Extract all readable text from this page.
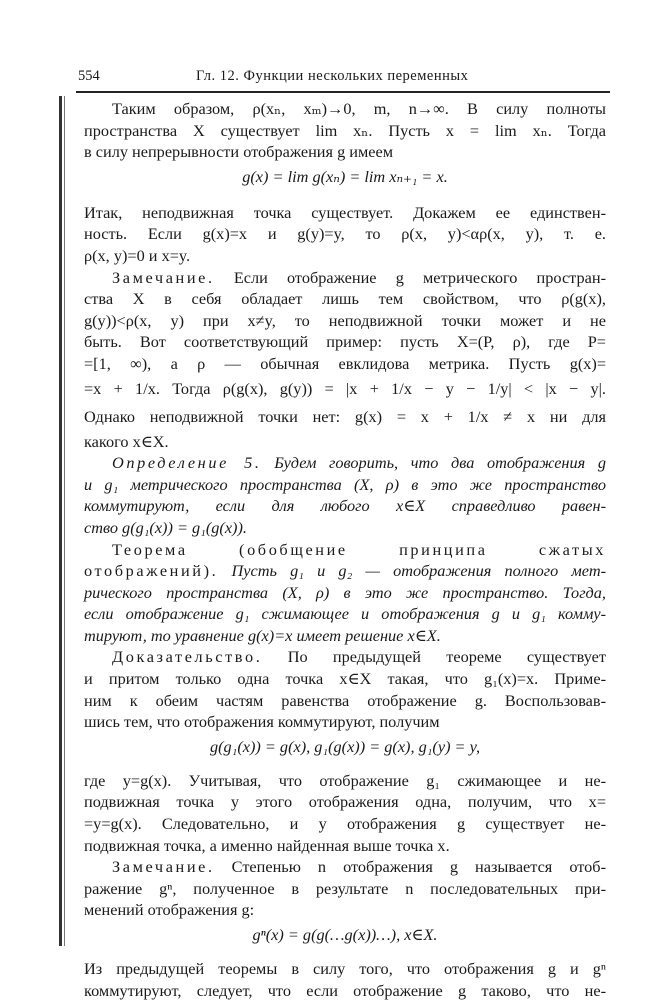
554	Гл. 12. Функции нескольких переменных
Таким образом, ρ(xₙ, xₘ)→0, m, n→∞. В силу полноты
пространства X существует lim xₙ. Пусть x = lim xₙ. Тогда
в силу непрерывности отображения g имеем
g(x) = lim g(xₙ) = lim xₙ₊₁ = x.
Итак, неподвижная точка существует. Докажем ее единствен-
ность. Если g(x)=x и g(y)=y, то ρ(x, y)<αρ(x, y), т. е.
ρ(x, y)=0 и x=y.
Замечание. Если отображение g метрического простран-
ства X в себя обладает лишь тем свойством, что ρ(g(x),
g(y))<ρ(x, y) при x≠y, то неподвижной точки может и не
быть. Вот соответствующий пример: пусть X=(P, ρ), где P=
=[1, ∞), а ρ — обычная евклидова метрика. Пусть g(x)=
=x + 1/x. Тогда ρ(g(x), g(y)) = |x + 1/x − y − 1/y| < |x − y|.
Однако неподвижной точки нет: g(x) = x + 1/x ≠ x ни для
какого x∈X.
Определение 5. Будем говорить, что два отображения g
и g₁ метрического пространства (X, ρ) в это же пространство
коммутируют, если для любого x∈X справедливо равен-
ство g(g₁(x)) = g₁(g(x)).
Теорема (обобщение принципа сжатых
отображений). Пусть g₁ и g₂ — отображения полного мет-
рического пространства (X, ρ) в это же пространство. Тогда,
если отображение g₁ сжимающее и отображения g и g₁ комму-
тируют, то уравнение g(x)=x имеет решение x∈X.
Доказательство. По предыдущей теореме существует
и притом только одна точка x∈X такая, что g₁(x)=x. Приме-
ним к обеим частям равенства отображение g. Воспользовав-
шись тем, что отображения коммутируют, получим
g(g₁(x)) = g(x), g₁(g(x)) = g(x), g₁(y) = y,
где y=g(x). Учитывая, что отображение g₁ сжимающее и не-
подвижная точка у этого отображения одна, получим, что x=
=y=g(x). Следовательно, и у отображения g существует не-
подвижная точка, а именно найденная выше точка x.
Замечание. Степенью n отображения g называется отоб-
ражение gⁿ, полученное в результате n последовательных при-
менений отображения g:
gⁿ(x) = g(g(…g(x))…), x∈X.
Из предыдущей теоремы в силу того, что отображения g и gⁿ
коммутируют, следует, что если отображение g таково, что не-
